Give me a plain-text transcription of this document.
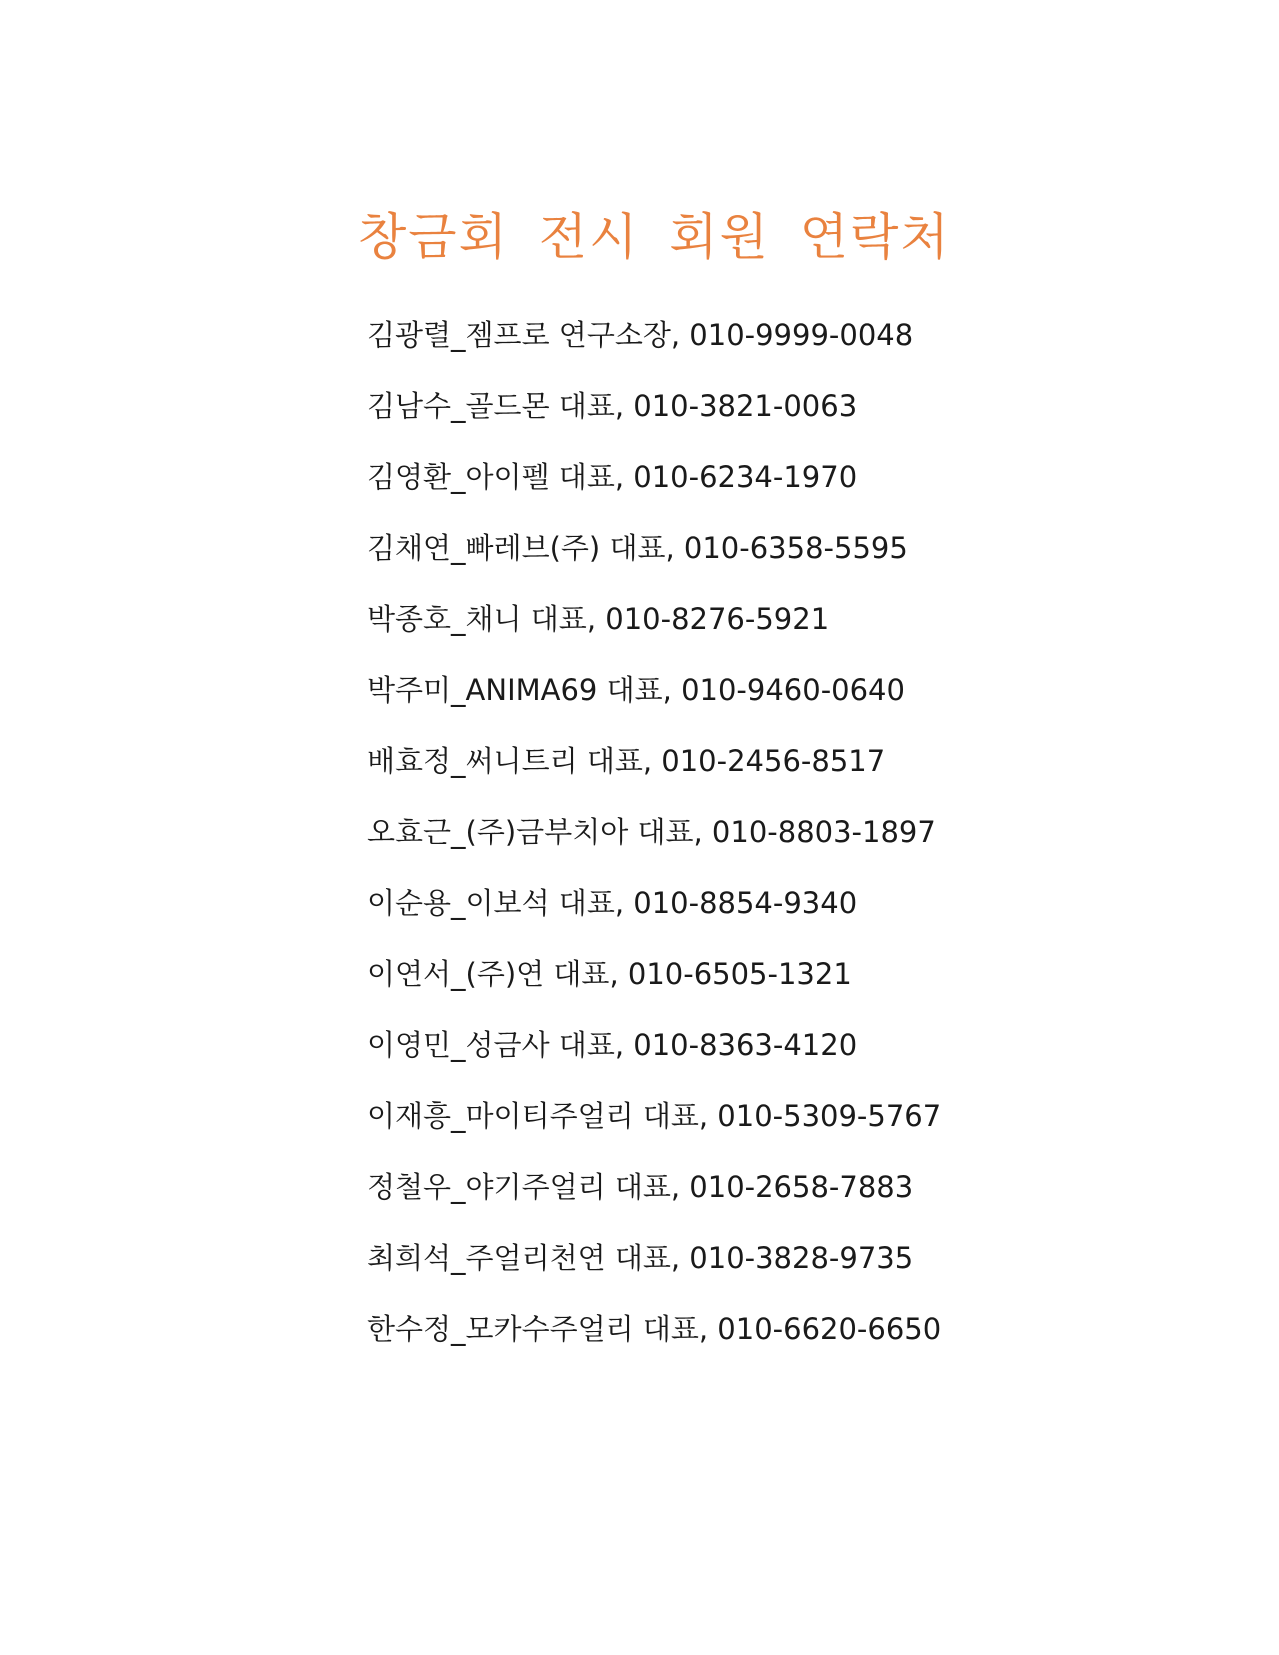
창금회 전시 회원 연락처
김광렬_젬프로 연구소장, 010-9999-0048
김남수_골드몬 대표, 010-3821-0063
김영환_아이펠 대표, 010-6234-1970
김채연_빠레브(주) 대표, 010-6358-5595
박종호_채니 대표, 010-8276-5921
박주미_ANIMA69 대표, 010-9460-0640
배효정_써니트리 대표, 010-2456-8517
오효근_(주)금부치아 대표, 010-8803-1897
이순용_이보석 대표, 010-8854-9340
이연서_(주)연 대표, 010-6505-1321
이영민_성금사 대표, 010-8363-4120
이재흥_마이티주얼리 대표, 010-5309-5767
정철우_야기주얼리 대표, 010-2658-7883
최희석_주얼리천연 대표, 010-3828-9735
한수정_모카수주얼리 대표, 010-6620-6650
